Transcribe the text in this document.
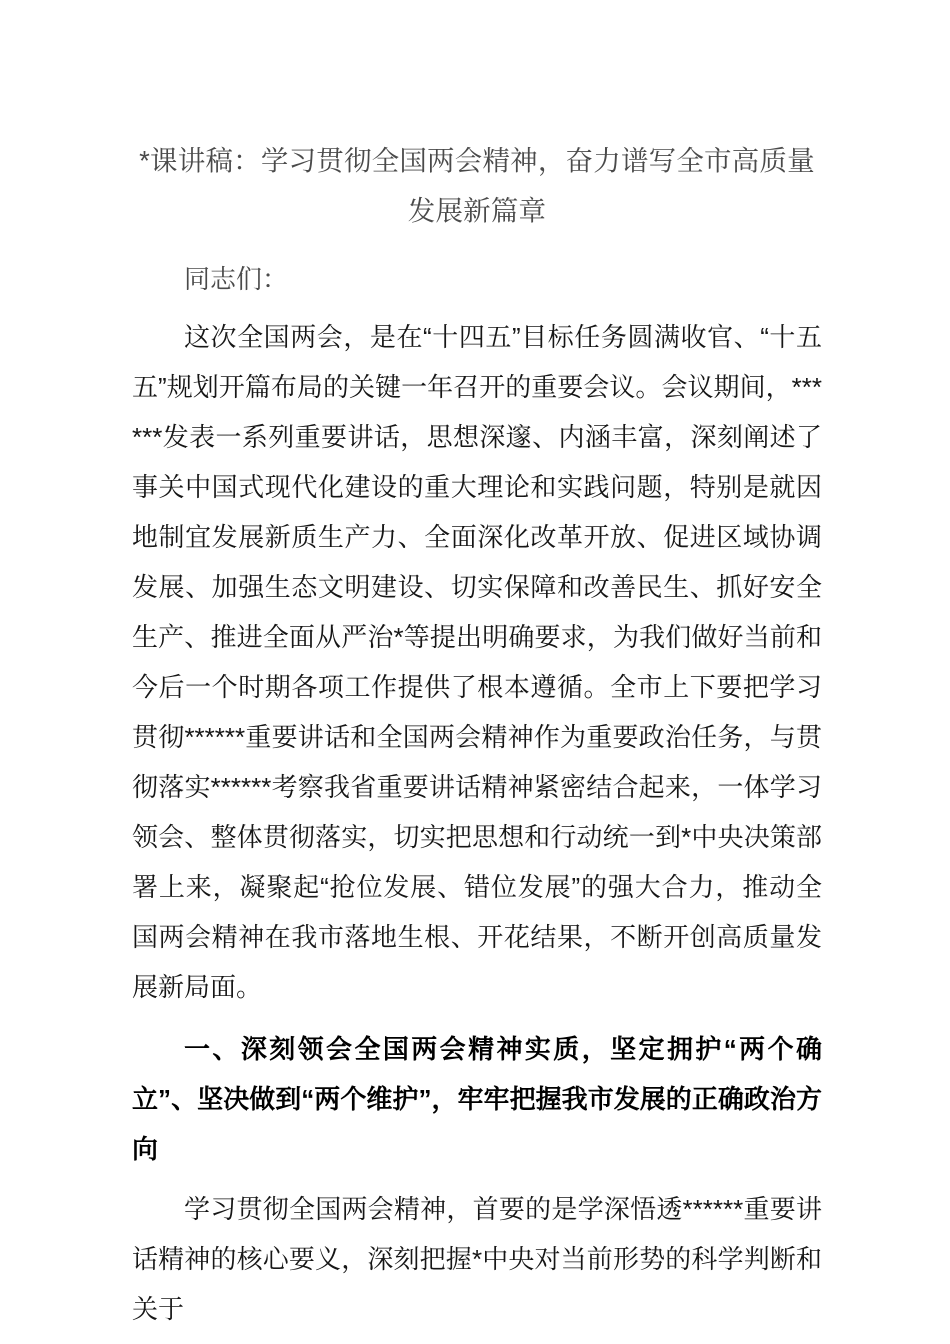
*课讲稿：学习贯彻全国两会精神，奋力谱写全市高质量发展新篇章

同志们：

这次全国两会，是在“十四五”目标任务圆满收官、“十五五”规划开篇布局的关键一年召开的重要会议。会议期间，******发表一系列重要讲话，思想深邃、内涵丰富，深刻阐述了事关中国式现代化建设的重大理论和实践问题，特别是就因地制宜发展新质生产力、全面深化改革开放、促进区域协调发展、加强生态文明建设、切实保障和改善民生、抓好安全生产、推进全面从严治*等提出明确要求，为我们做好当前和今后一个时期各项工作提供了根本遵循。全市上下要把学习贯彻******重要讲话和全国两会精神作为重要政治任务，与贯彻落实******考察我省重要讲话精神紧密结合起来，一体学习领会、整体贯彻落实，切实把思想和行动统一到*中央决策部署上来，凝聚起“抢位发展、错位发展”的强大合力，推动全国两会精神在我市落地生根、开花结果，不断开创高质量发展新局面。

一、深刻领会全国两会精神实质，坚定拥护“两个确立”、坚决做到“两个维护”，牢牢把握我市发展的正确政治方向

学习贯彻全国两会精神，首要的是学深悟透******重要讲话精神的核心要义，深刻把握*中央对当前形势的科学判断和关于
